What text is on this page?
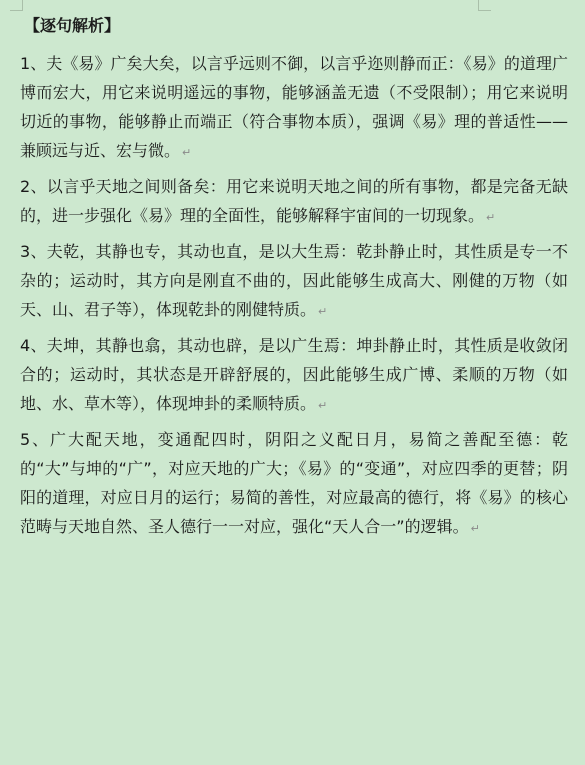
【逐句解析】

1、夫《易》广矣大矣，以言乎远则不御，以言乎迩则静而正：《易》的道理广博而宏大，用它来说明遥远的事物，能够涵盖无遗（不受限制）；用它来说明切近的事物，能够静止而端正（符合事物本质），强调《易》理的普适性——兼顾远与近、宏与微。 ↵

2、以言乎天地之间则备矣：用它来说明天地之间的所有事物，都是完备无缺的，进一步强化《易》理的全面性，能够解释宇宙间的一切现象。 ↵

3、夫乾，其静也专，其动也直，是以大生焉：乾卦静止时，其性质是专一不杂的；运动时，其方向是刚直不曲的，因此能够生成高大、刚健的万物（如天、山、君子等），体现乾卦的刚健特质。 ↵

4、夫坤，其静也翕，其动也辟，是以广生焉：坤卦静止时，其性质是收敛闭合的；运动时，其状态是开辟舒展的，因此能够生成广博、柔顺的万物（如地、水、草木等），体现坤卦的柔顺特质。 ↵

5、广大配天地，变通配四时，阴阳之义配日月，易简之善配至德：乾的“大”与坤的“广”，对应天地的广大；《易》的“变通”，对应四季的更替；阴阳的道理，对应日月的运行；易简的善性，对应最高的德行，将《易》的核心范畴与天地自然、圣人德行一一对应，强化“天人合一”的逻辑。 ↵
